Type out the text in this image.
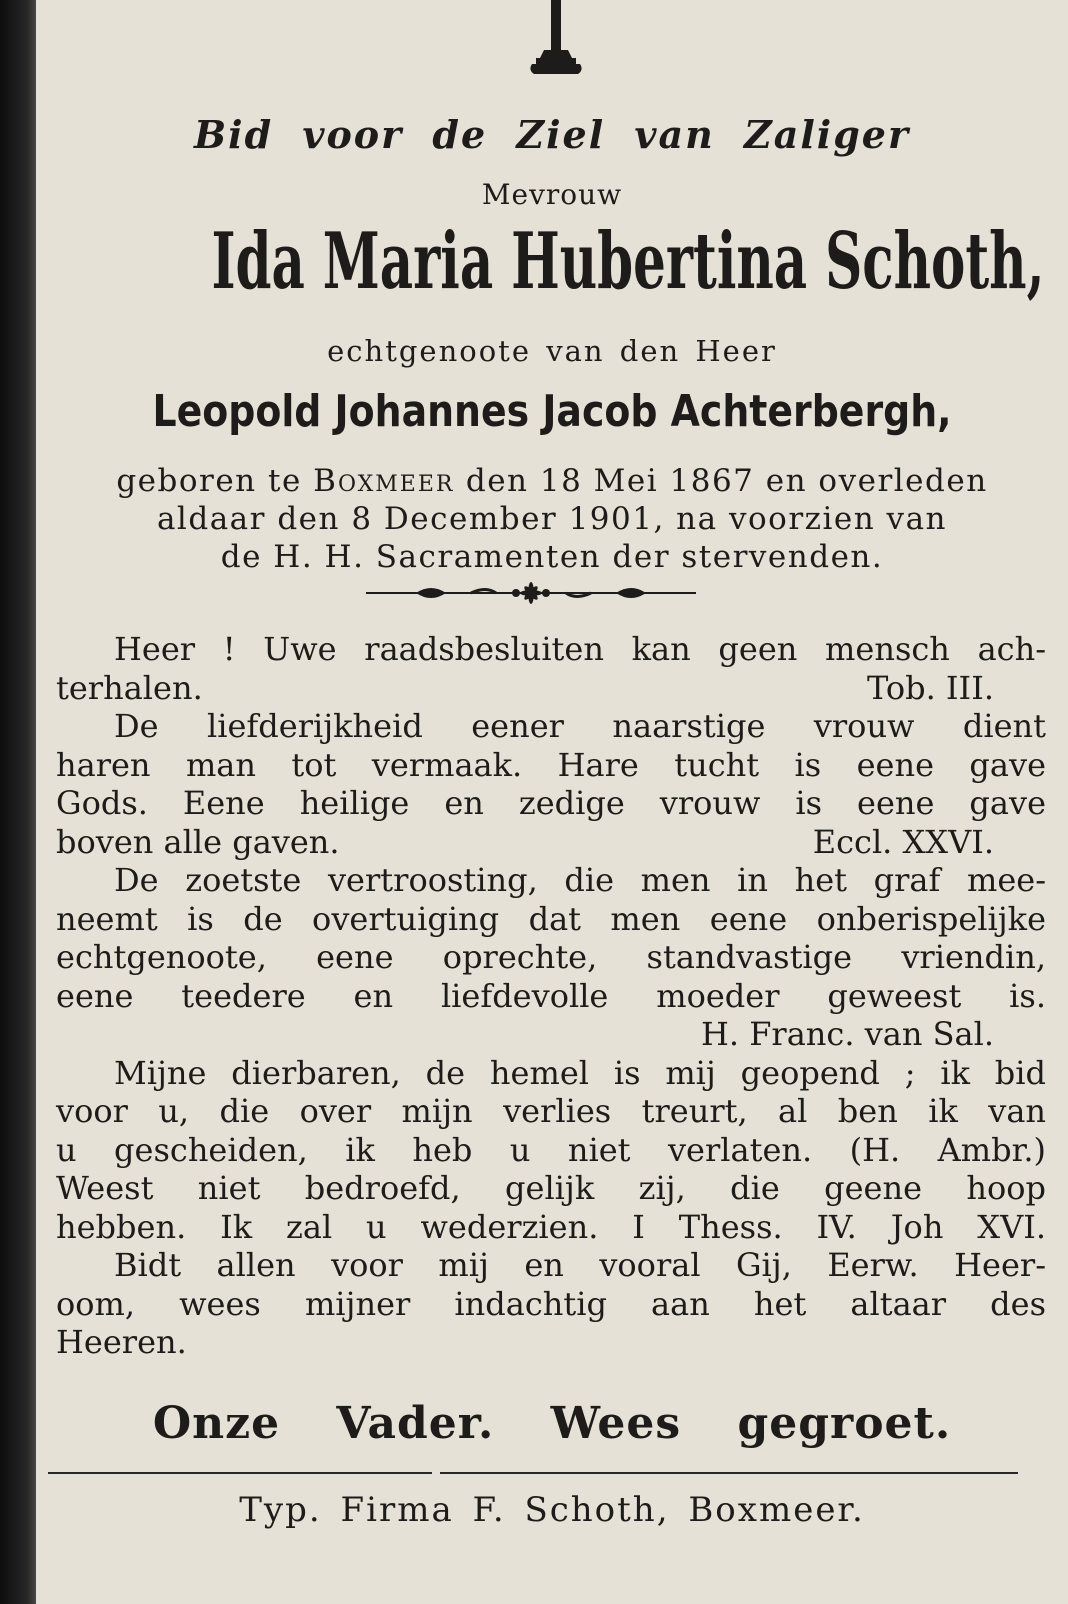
Bid voor de Ziel van Zaliger
Mevrouw
Ida Maria Hubertina Schoth,
echtgenoote van den Heer
Leopold Johannes Jacob Achterbergh,
geboren te Boxmeer den 18 Mei 1867 en overleden
aldaar den 8 December 1901, na voorzien van
de H. H. Sacramenten der stervenden.
Heer ! Uwe raadsbesluiten kan geen mensch ach-
terhalen.	Tob. III.
De liefderijkheid eener naarstige vrouw dient
haren man tot vermaak. Hare tucht is eene gave
Gods. Eene heilige en zedige vrouw is eene gave
boven alle gaven.	Eccl. XXVI.
De zoetste vertroosting, die men in het graf mee-
neemt is de overtuiging dat men eene onberispelijke
echtgenoote, eene oprechte, standvastige vriendin,
eene teedere en liefdevolle moeder geweest is.
H. Franc. van Sal.
Mijne dierbaren, de hemel is mij geopend ; ik bid
voor u, die over mijn verlies treurt, al ben ik van
u gescheiden, ik heb u niet verlaten. (H. Ambr.)
Weest niet bedroefd, gelijk zij, die geene hoop
hebben. Ik zal u wederzien. I Thess. IV. Joh XVI.
Bidt allen voor mij en vooral Gij, Eerw. Heer-
oom, wees mijner indachtig aan het altaar des
Heeren.
Onze Vader. Wees gegroet.
Typ. Firma F. Schoth, Boxmeer.
